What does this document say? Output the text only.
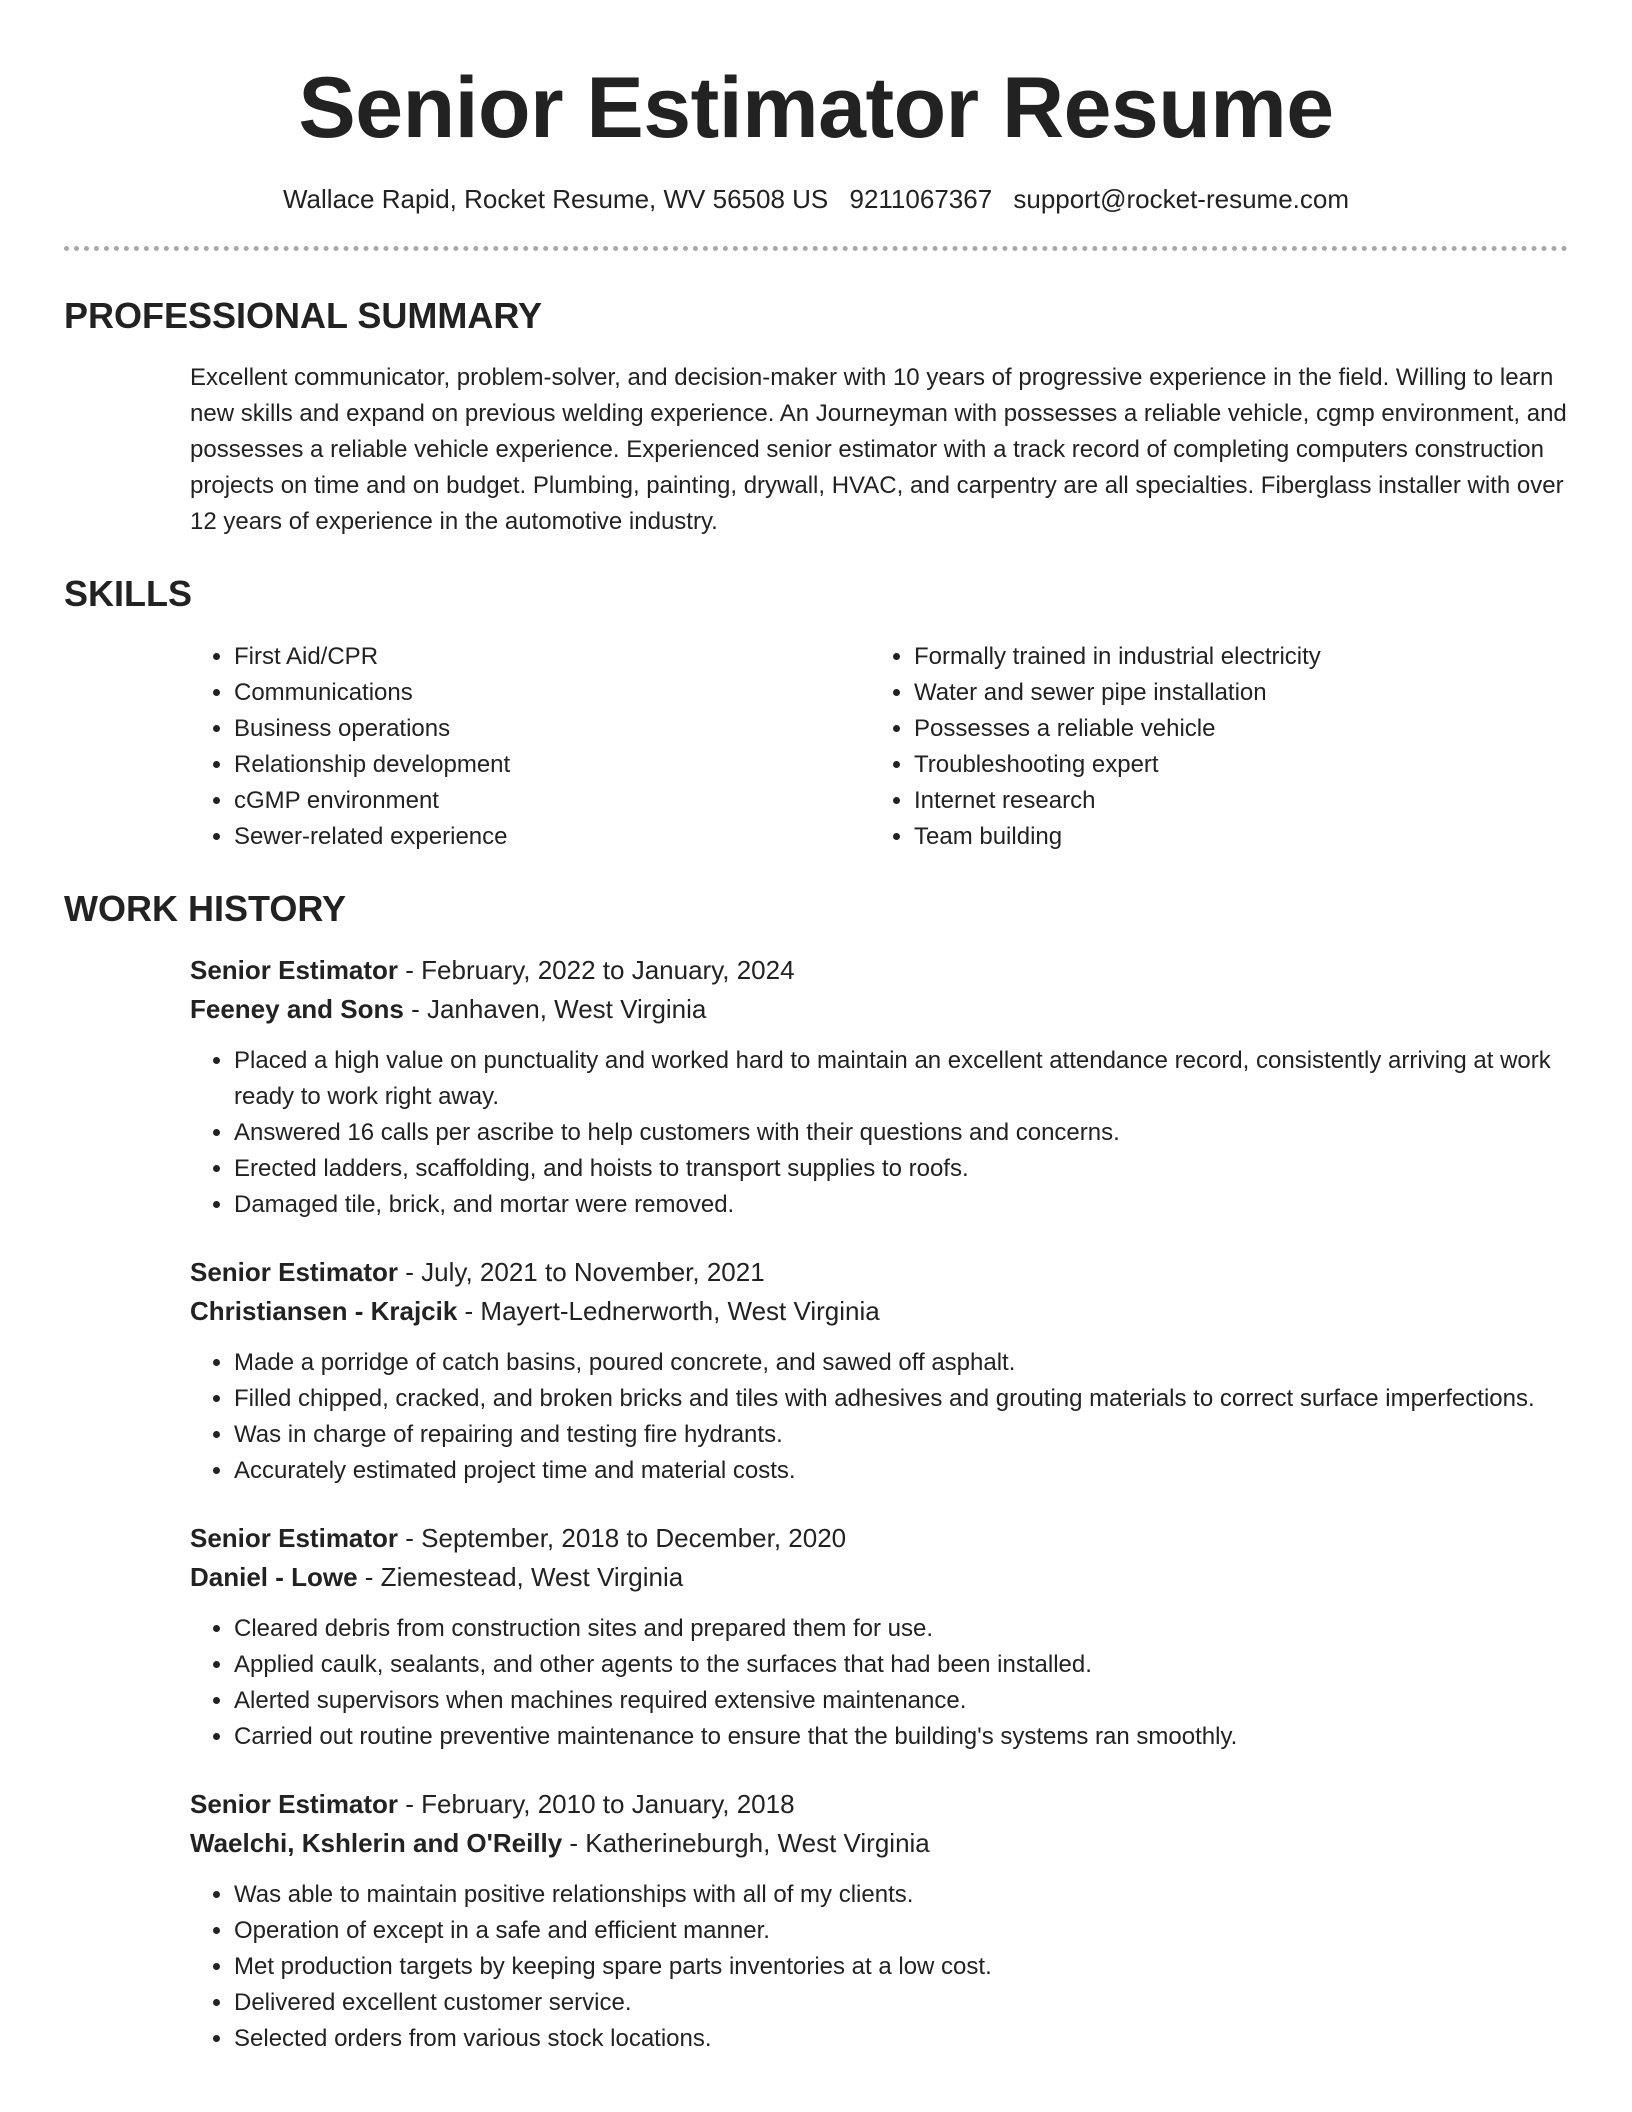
Senior Estimator Resume
Wallace Rapid, Rocket Resume, WV 56508 US 9211067367 support@rocket-resume.com
PROFESSIONAL SUMMARY

Excellent communicator, problem-solver, and decision-maker with 10 years of progressive experience in the field. Willing to learn new skills and expand on previous welding experience. An Journeyman with possesses a reliable vehicle, cgmp environment, and possesses a reliable vehicle experience. Experienced senior estimator with a track record of completing computers construction projects on time and on budget. Plumbing, painting, drywall, HVAC, and carpentry are all specialties. Fiberglass installer with over 12 years of experience in the automotive industry.

SKILLS
• First Aid/CPR
• Communications
• Business operations
• Relationship development
• cGMP environment
• Sewer-related experience
• Formally trained in industrial electricity
• Water and sewer pipe installation
• Possesses a reliable vehicle
• Troubleshooting expert
• Internet research
• Team building
WORK HISTORY
Senior Estimator - February, 2022 to January, 2024
Feeney and Sons - Janhaven, West Virginia
• Placed a high value on punctuality and worked hard to maintain an excellent attendance record, consistently arriving at work ready to work right away.
• Answered 16 calls per ascribe to help customers with their questions and concerns.
• Erected ladders, scaffolding, and hoists to transport supplies to roofs.
• Damaged tile, brick, and mortar were removed.
Senior Estimator - July, 2021 to November, 2021
Christiansen - Krajcik - Mayert-Lednerworth, West Virginia
• Made a porridge of catch basins, poured concrete, and sawed off asphalt.
• Filled chipped, cracked, and broken bricks and tiles with adhesives and grouting materials to correct surface imperfections.
• Was in charge of repairing and testing fire hydrants.
• Accurately estimated project time and material costs.
Senior Estimator - September, 2018 to December, 2020
Daniel - Lowe - Ziemestead, West Virginia
• Cleared debris from construction sites and prepared them for use.
• Applied caulk, sealants, and other agents to the surfaces that had been installed.
• Alerted supervisors when machines required extensive maintenance.
• Carried out routine preventive maintenance to ensure that the building's systems ran smoothly.
Senior Estimator - February, 2010 to January, 2018
Waelchi, Kshlerin and O'Reilly - Katherineburgh, West Virginia
• Was able to maintain positive relationships with all of my clients.
• Operation of except in a safe and efficient manner.
• Met production targets by keeping spare parts inventories at a low cost.
• Delivered excellent customer service.
• Selected orders from various stock locations.
